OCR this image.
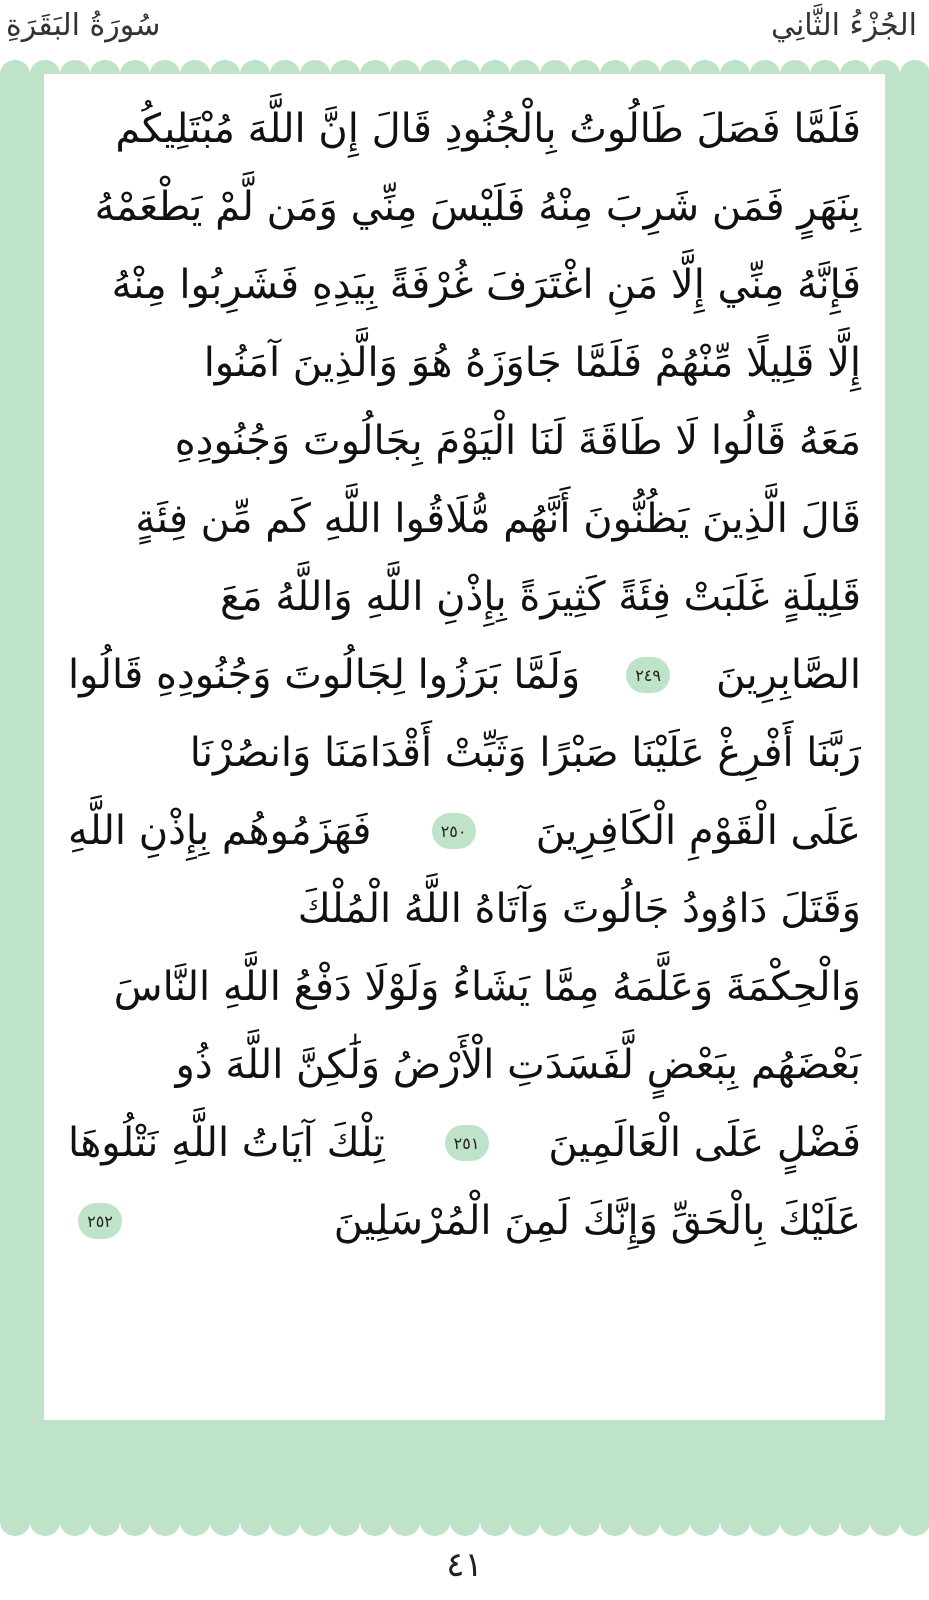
الجُزْءُ الثَّانِي
سُورَةُ البَقَرَةِ
فَلَمَّا فَصَلَ طَالُوتُ بِالْجُنُودِ قَالَ إِنَّ اللَّهَ مُبْتَلِيكُم
بِنَهَرٍ فَمَن شَرِبَ مِنْهُ فَلَيْسَ مِنِّي وَمَن لَّمْ يَطْعَمْهُ
فَإِنَّهُ مِنِّي إِلَّا مَنِ اغْتَرَفَ غُرْفَةً بِيَدِهِ فَشَرِبُوا مِنْهُ
إِلَّا قَلِيلًا مِّنْهُمْ فَلَمَّا جَاوَزَهُ هُوَ وَالَّذِينَ آمَنُوا
مَعَهُ قَالُوا لَا طَاقَةَ لَنَا الْيَوْمَ بِجَالُوتَ وَجُنُودِهِ
قَالَ الَّذِينَ يَظُنُّونَ أَنَّهُم مُّلَاقُوا اللَّهِ كَم مِّن فِئَةٍ
قَلِيلَةٍ غَلَبَتْ فِئَةً كَثِيرَةً بِإِذْنِ اللَّهِ وَاللَّهُ مَعَ
الصَّابِرِينَ
٢٤٩
وَلَمَّا بَرَزُوا لِجَالُوتَ وَجُنُودِهِ قَالُوا
رَبَّنَا أَفْرِغْ عَلَيْنَا صَبْرًا وَثَبِّتْ أَقْدَامَنَا وَانصُرْنَا
عَلَى الْقَوْمِ الْكَافِرِينَ
٢٥٠
فَهَزَمُوهُم بِإِذْنِ اللَّهِ
وَقَتَلَ دَاوُودُ جَالُوتَ وَآتَاهُ اللَّهُ الْمُلْكَ
وَالْحِكْمَةَ وَعَلَّمَهُ مِمَّا يَشَاءُ وَلَوْلَا دَفْعُ اللَّهِ النَّاسَ
بَعْضَهُم بِبَعْضٍ لَّفَسَدَتِ الْأَرْضُ وَلَٰكِنَّ اللَّهَ ذُو
فَضْلٍ عَلَى الْعَالَمِينَ
٢٥١
تِلْكَ آيَاتُ اللَّهِ نَتْلُوهَا
عَلَيْكَ بِالْحَقِّ وَإِنَّكَ لَمِنَ الْمُرْسَلِينَ
٢٥٢
٤١
